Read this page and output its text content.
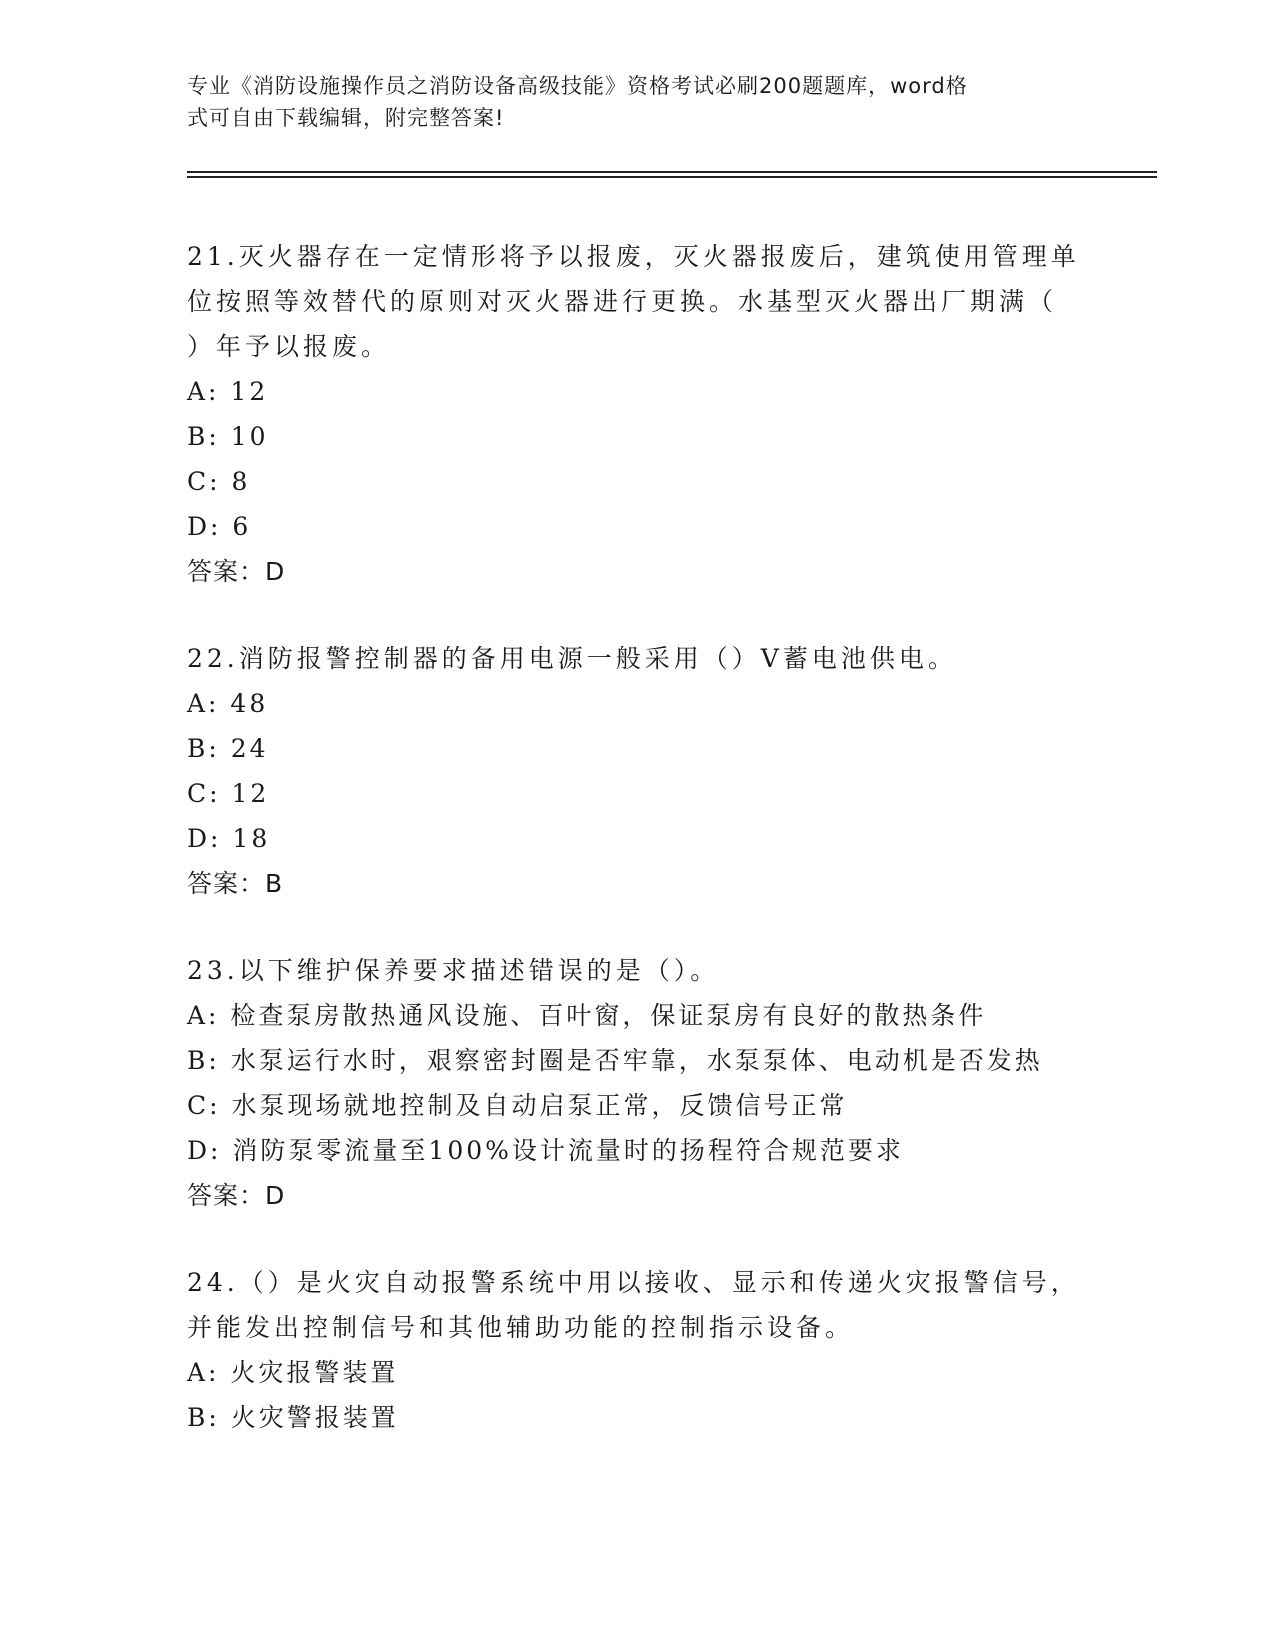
专业《消防设施操作员之消防设备高级技能》资格考试必刷200题题库，word格

式可自由下载编辑，附完整答案!

21.灭火器存在一定情形将予以报废，灭火器报废后，建筑使用管理单

位按照等效替代的原则对灭火器进行更换。水基型灭火器出厂期满（

）年予以报废。

A: 12

B: 10

C: 8

D: 6

答案：D

22.消防报警控制器的备用电源一般采用（）V蓄电池供电。

A: 48

B: 24

C: 12

D: 18

答案：B

23.以下维护保养要求描述错误的是（）。

A: 检查泵房散热通风设施、百叶窗，保证泵房有良好的散热条件

B: 水泵运行水时，艰察密封圈是否牢靠，水泵泵体、电动机是否发热

C: 水泵现场就地控制及自动启泵正常，反馈信号正常

D: 消防泵零流量至100%设计流量时的扬程符合规范要求

答案：D

24.（）是火灾自动报警系统中用以接收、显示和传递火灾报警信号，

并能发出控制信号和其他辅助功能的控制指示设备。

A: 火灾报警装置

B: 火灾警报装置
